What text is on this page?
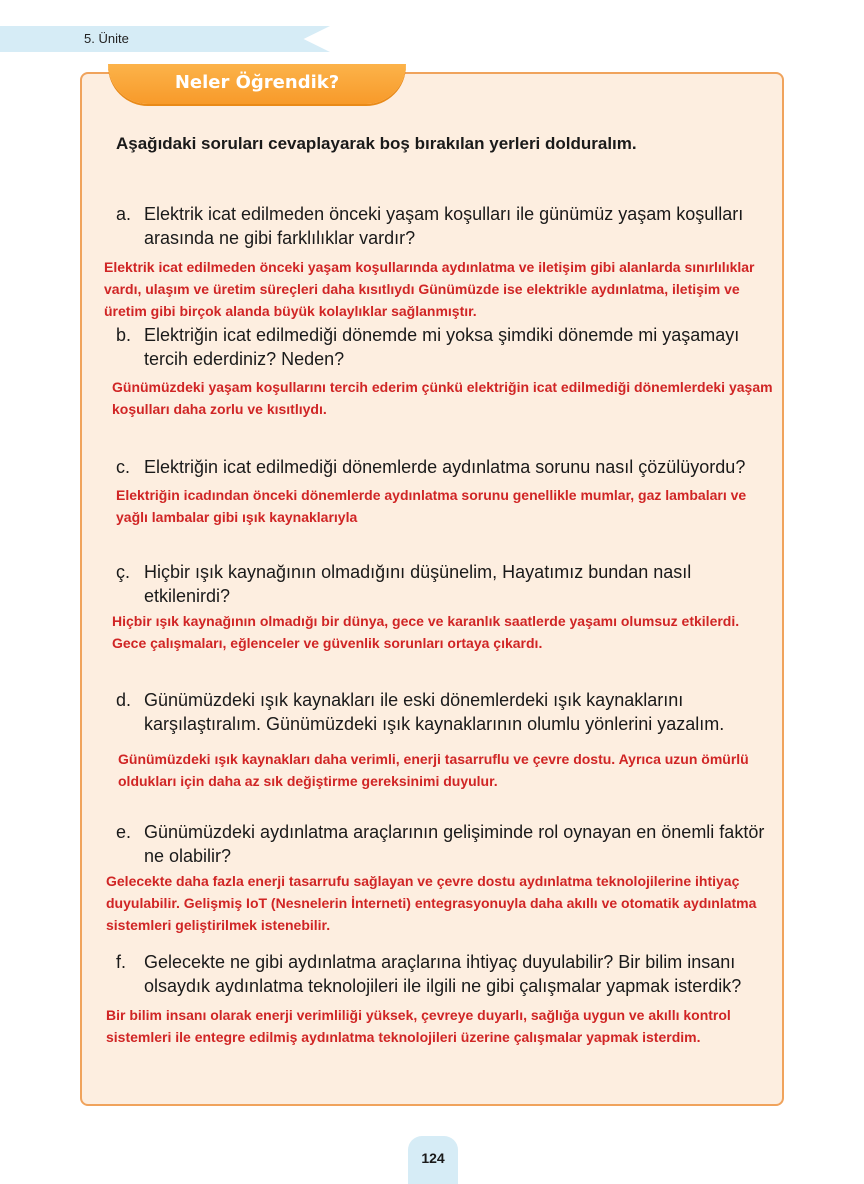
5. Ünite
Neler Öğrendik?
Aşağıdaki soruları cevaplayarak boş bırakılan yerleri dolduralım.
a. Elektrik icat edilmeden önceki yaşam koşulları ile günümüz yaşam koşulları arasında ne gibi farklılıklar vardır?
Elektrik icat edilmeden önceki yaşam koşullarında aydınlatma ve iletişim gibi alanlarda sınırlılıklar vardı, ulaşım ve üretim süreçleri daha kısıtlıydı Günümüzde ise elektrikle aydınlatma, iletişim ve üretim gibi birçok alanda büyük kolaylıklar sağlanmıştır.
b. Elektriğin icat edilmediği dönemde mi yoksa şimdiki dönemde mi yaşamayı tercih ederdiniz? Neden?
Günümüzdeki yaşam koşullarını tercih ederim çünkü elektriğin icat edilmediği dönemlerdeki yaşam koşulları daha zorlu ve kısıtlıydı.
c. Elektriğin icat edilmediği dönemlerde aydınlatma sorunu nasıl çözülüyordu?
Elektriğin icadından önceki dönemlerde aydınlatma sorunu genellikle mumlar, gaz lambaları ve yağlı lambalar gibi ışık kaynaklarıyla
ç. Hiçbir ışık kaynağının olmadığını düşünelim, Hayatımız bundan nasıl etkilenirdi?
Hiçbir ışık kaynağının olmadığı bir dünya, gece ve karanlık saatlerde yaşamı olumsuz etkilerdi. Gece çalışmaları, eğlenceler ve güvenlik sorunları ortaya çıkardı.
d. Günümüzdeki ışık kaynakları ile eski dönemlerdeki ışık kaynaklarını karşılaştıralım. Günümüzdeki ışık kaynaklarının olumlu yönlerini yazalım.
Günümüzdeki ışık kaynakları daha verimli, enerji tasarruflu ve çevre dostu. Ayrıca uzun ömürlü oldukları için daha az sık değiştirme gereksinimi duyulur.
e. Günümüzdeki aydınlatma araçlarının gelişiminde rol oynayan en önemli faktör ne olabilir?
Gelecekte daha fazla enerji tasarrufu sağlayan ve çevre dostu aydınlatma teknolojilerine ihtiyaç duyulabilir. Gelişmiş IoT (Nesnelerin İnterneti) entegrasyonuyla daha akıllı ve otomatik aydınlatma sistemleri geliştirilmek istenebilir.
f. Gelecekte ne gibi aydınlatma araçlarına ihtiyaç duyulabilir? Bir bilim insanı olsaydık aydınlatma teknolojileri ile ilgili ne gibi çalışmalar yapmak isterdik?
Bir bilim insanı olarak enerji verimliliği yüksek, çevreye duyarlı, sağlığa uygun ve akıllı kontrol sistemleri ile entegre edilmiş aydınlatma teknolojileri üzerine çalışmalar yapmak isterdim.
124
